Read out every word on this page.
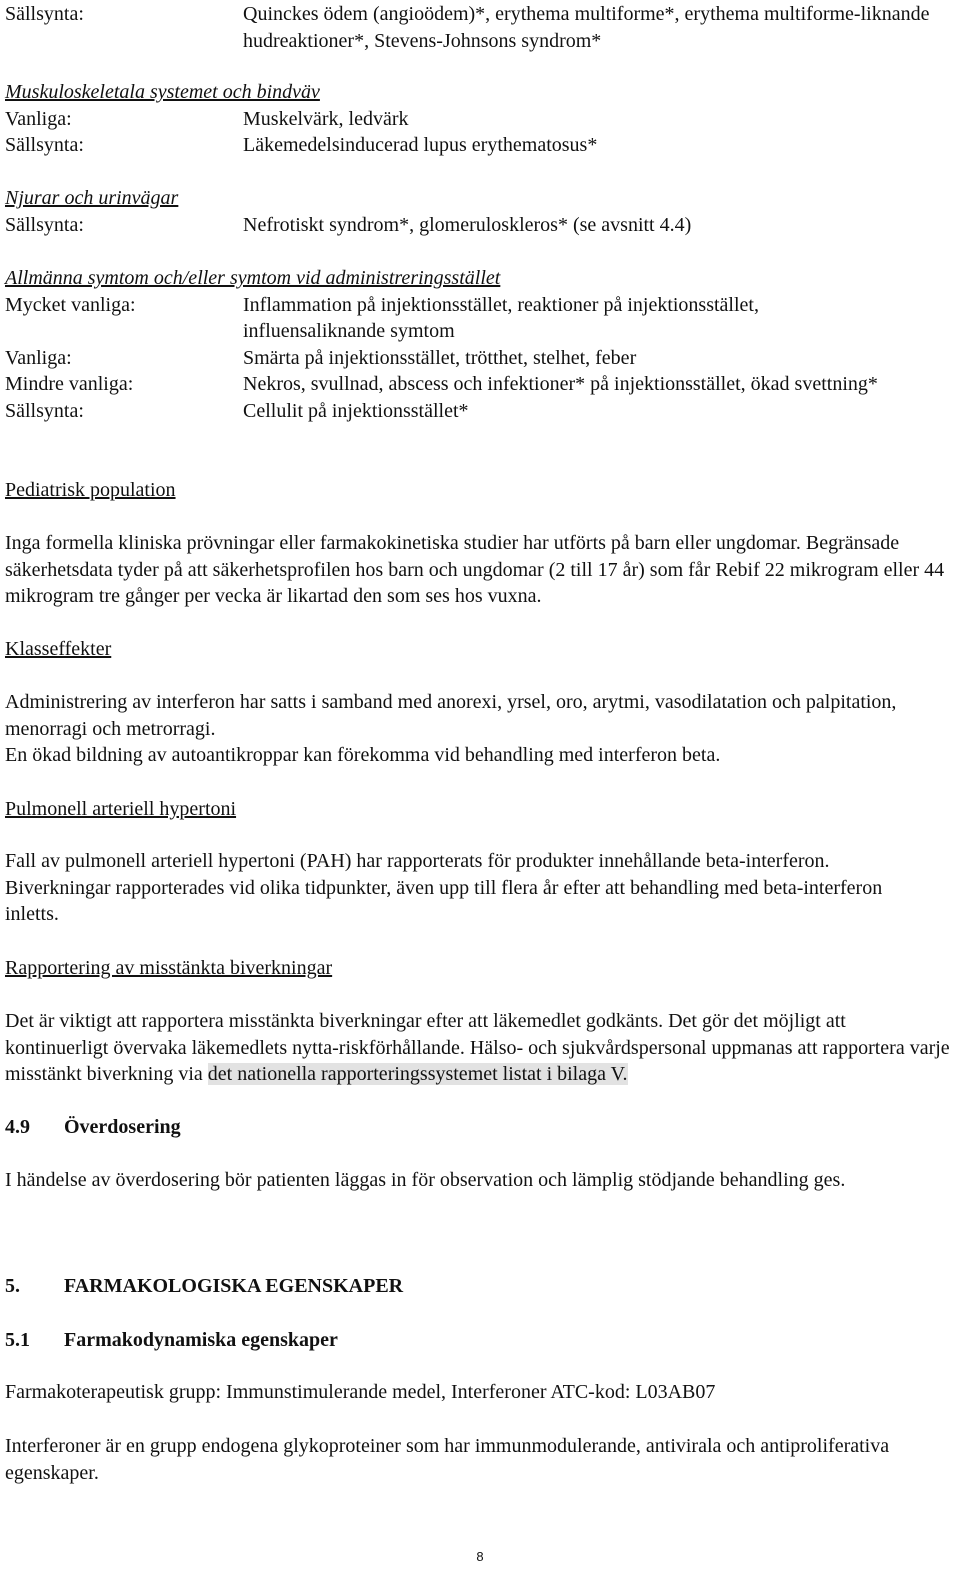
Sällsynta:	Quinckes ödem (angioödem)*, erythema multiforme*, erythema multiforme-liknande hudreaktioner*, Stevens-Johnsons syndrom*
Muskuloskeletala systemet och bindväv
Vanliga:	Muskelvärk, ledvärk
Sällsynta:	Läkemedelsinducerad lupus erythematosus*
Njurar och urinvägar
Sällsynta:	Nefrotiskt syndrom*, glomeruloskleros* (se avsnitt 4.4)
Allmänna symtom och/eller symtom vid administreringsstället
Mycket vanliga:	Inflammation på injektionsstället, reaktioner på injektionsstället, influensaliknande symtom
Vanliga:	Smärta på injektionsstället, trötthet, stelhet, feber
Mindre vanliga:	Nekros, svullnad, abscess och infektioner* på injektionsstället, ökad svettning*
Sällsynta:	Cellulit på injektionsstället*
Pediatrisk population

Inga formella kliniska prövningar eller farmakokinetiska studier har utförts på barn eller ungdomar. Begränsade säkerhetsdata tyder på att säkerhetsprofilen hos barn och ungdomar (2 till 17 år) som får Rebif 22 mikrogram eller 44 mikrogram tre gånger per vecka är likartad den som ses hos vuxna.

Klasseffekter

Administrering av interferon har satts i samband med anorexi, yrsel, oro, arytmi, vasodilatation och palpitation, menorragi och metrorragi.

En ökad bildning av autoantikroppar kan förekomma vid behandling med interferon beta.

Pulmonell arteriell hypertoni

Fall av pulmonell arteriell hypertoni (PAH) har rapporterats för produkter innehållande beta-interferon. Biverkningar rapporterades vid olika tidpunkter, även upp till flera år efter att behandling med beta-interferon inletts.

Rapportering av misstänkta biverkningar

Det är viktigt att rapportera misstänkta biverkningar efter att läkemedlet godkänts. Det gör det möjligt att kontinuerligt övervaka läkemedlets nytta-riskförhållande. Hälso- och sjukvårdspersonal uppmanas att rapportera varje misstänkt biverkning via det nationella rapporteringssystemet listat i bilaga V.

4.9	Överdosering

I händelse av överdosering bör patienten läggas in för observation och lämplig stödjande behandling ges.

5.	FARMAKOLOGISKA EGENSKAPER
5.1	Farmakodynamiska egenskaper

Farmakoterapeutisk grupp: Immunstimulerande medel, Interferoner ATC-kod: L03AB07

Interferoner är en grupp endogena glykoproteiner som har immunmodulerande, antivirala och antiproliferativa egenskaper.

8
